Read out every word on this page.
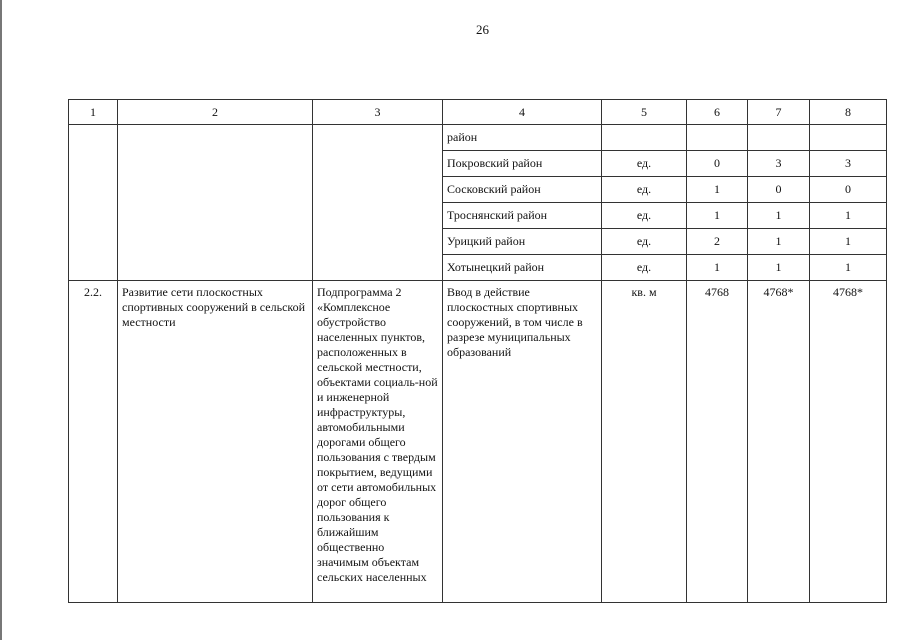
26
1	2	3	4	5	6	7	8
			район				
			Покровский район	ед.	0	3	3
			Сосковский район	ед.	1	0	0
			Троснянский район	ед.	1	1	1
			Урицкий район	ед.	2	1	1
			Хотынецкий район	ед.	1	1	1
2.2.	Развитие сети плоскостных спортивных сооружений в сельской местности	Подпрограмма 2 «Комплексное обустройство населенных пунктов, расположенных в сельской местности, объектами социаль-ной и инженерной инфраструктуры, автомобильными дорогами общего пользования с твердым покрытием, ведущими от сети автомобильных дорог общего пользования к ближайшим общественно значимым объектам сельских населенных	Ввод в действие плоскостных спортивных сооружений, в том числе в разрезе муниципальных образований	кв. м	4768	4768*	4768*
